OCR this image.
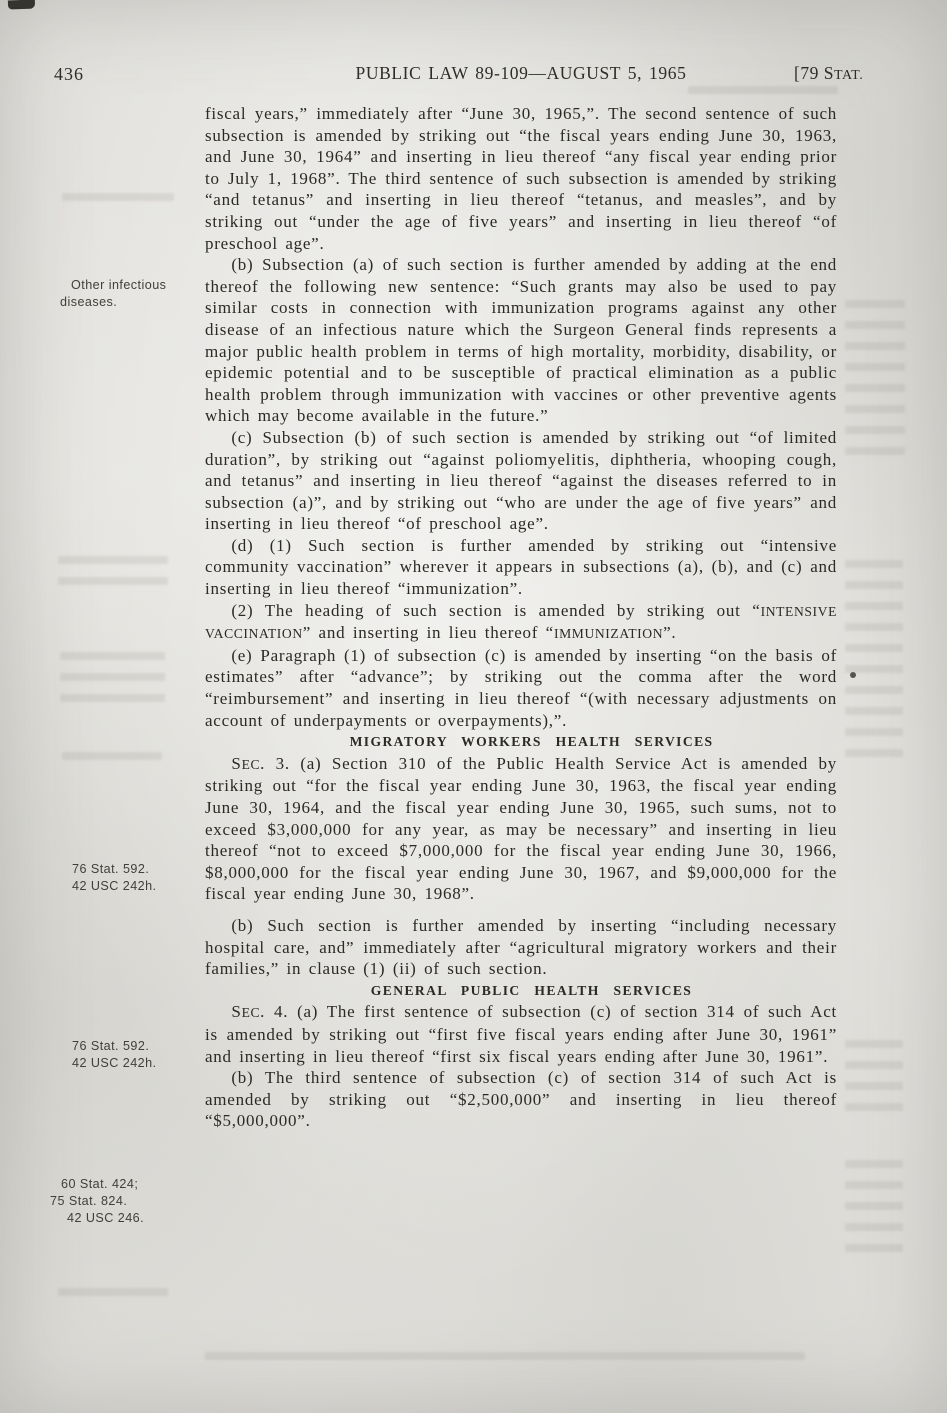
436	PUBLIC LAW 89-109—AUGUST 5, 1965	[79 STAT.
Other infectious
diseases.
76 Stat. 592.
42 USC 242h.
76 Stat. 592.
42 USC 242h.
60 Stat. 424;
75 Stat. 824.
42 USC 246.

fiscal years,” immediately after “June 30, 1965,”. The second sentence of such subsection is amended by striking out “the fiscal years ending June 30, 1963, and June 30, 1964” and inserting in lieu thereof “any fiscal year ending prior to July 1, 1968”. The third sentence of such subsection is amended by striking “and tetanus” and inserting in lieu thereof “tetanus, and measles”, and by striking out “under the age of five years” and inserting in lieu thereof “of preschool age”.

(b) Subsection (a) of such section is further amended by adding at the end thereof the following new sentence: “Such grants may also be used to pay similar costs in connection with immunization programs against any other disease of an infectious nature which the Surgeon General finds represents a major public health problem in terms of high mortality, morbidity, disability, or epidemic potential and to be susceptible of practical elimination as a public health problem through immunization with vaccines or other preventive agents which may become available in the future.”

(c) Subsection (b) of such section is amended by striking out “of limited duration”, by striking out “against poliomyelitis, diphtheria, whooping cough, and tetanus” and inserting in lieu thereof “against the diseases referred to in subsection (a)”, and by striking out “who are under the age of five years” and inserting in lieu thereof “of preschool age”.

(d) (1) Such section is further amended by striking out “intensive community vaccination” wherever it appears in subsections (a), (b), and (c) and inserting in lieu thereof “immunization”.

(2) The heading of such section is amended by striking out “INTENSIVE VACCINATION” and inserting in lieu thereof “IMMUNIZATION”.

(e) Paragraph (1) of subsection (c) is amended by inserting “on the basis of estimates” after “advance”; by striking out the comma after the word “reimbursement” and inserting in lieu thereof “(with necessary adjustments on account of underpayments or overpayments),”.

MIGRATORY WORKERS HEALTH SERVICES

SEC. 3. (a) Section 310 of the Public Health Service Act is amended by striking out “for the fiscal year ending June 30, 1963, the fiscal year ending June 30, 1964, and the fiscal year ending June 30, 1965, such sums, not to exceed $3,000,000 for any year, as may be necessary” and inserting in lieu thereof “not to exceed $7,000,000 for the fiscal year ending June 30, 1966, $8,000,000 for the fiscal year ending June 30, 1967, and $9,000,000 for the fiscal year ending June 30, 1968”.

(b) Such section is further amended by inserting “including necessary hospital care, and” immediately after “agricultural migratory workers and their families,” in clause (1) (ii) of such section.

GENERAL PUBLIC HEALTH SERVICES

SEC. 4. (a) The first sentence of subsection (c) of section 314 of such Act is amended by striking out “first five fiscal years ending after June 30, 1961” and inserting in lieu thereof “first six fiscal years ending after June 30, 1961”.

(b) The third sentence of subsection (c) of section 314 of such Act is amended by striking out “$2,500,000” and inserting in lieu thereof “$5,000,000”.
